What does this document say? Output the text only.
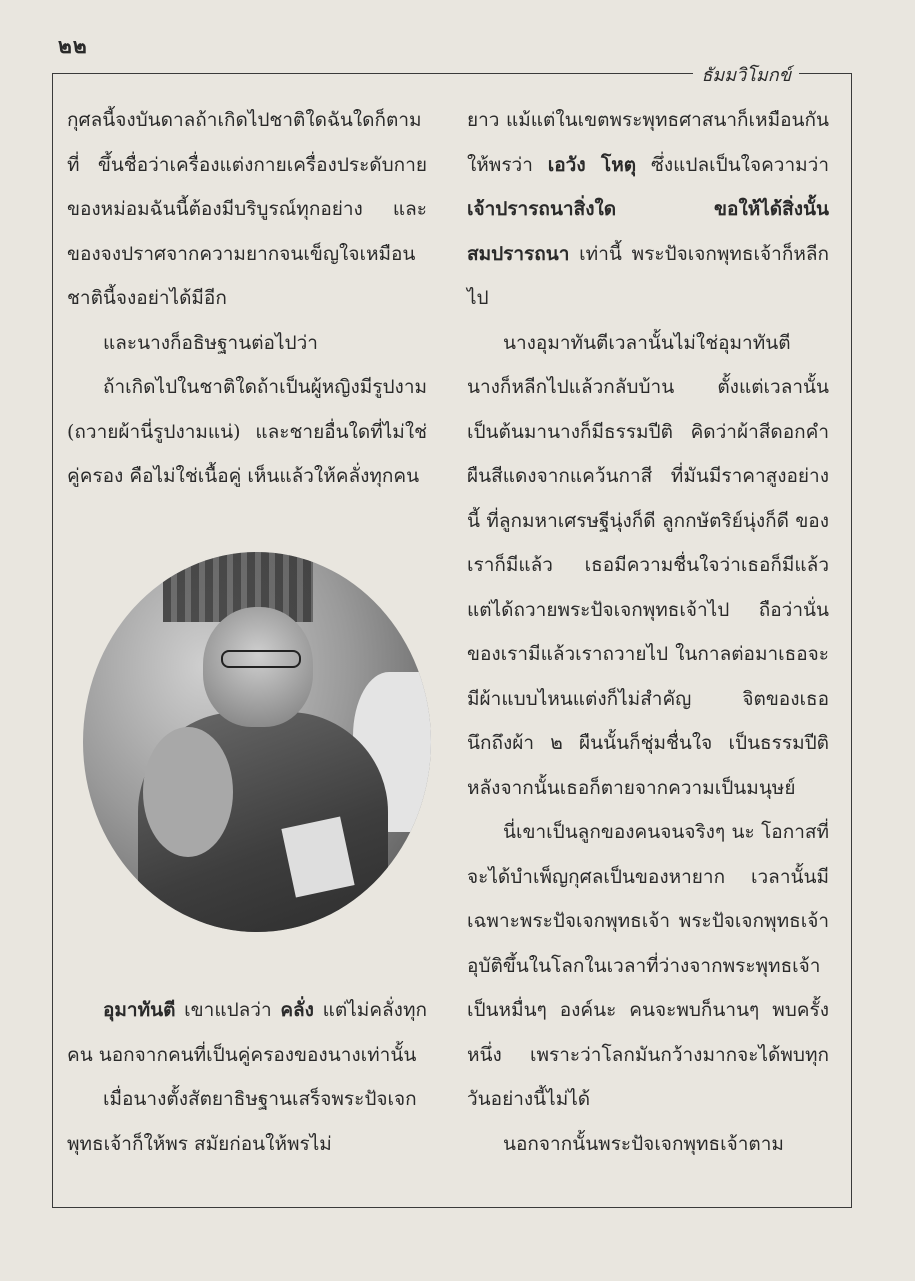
๒๒
ธัมมวิโมกข์

กุศลนี้จงบันดาลถ้าเกิดไปชาติใดฉันใดก็ตาม ที่ ขึ้นชื่อว่าเครื่องแต่งกายเครื่องประดับกายของหม่อมฉันนี้ต้องมีบริบูรณ์ทุกอย่าง และของจงปราศจากความยากจนเข็ญใจเหมือนชาตินี้จงอย่าได้มีอีก

และนางก็อธิษฐานต่อไปว่า

ถ้าเกิดไปในชาติใดถ้าเป็นผู้หญิงมีรูปงาม (ถวายผ้านี่รูปงามแน่) และชายอื่นใดที่ไม่ใช่คู่ครอง คือไม่ใช่เนื้อคู่ เห็นแล้วให้คลั่งทุกคน

อุมาทันตี เขาแปลว่า คลั่ง แต่ไม่คลั่งทุกคน นอกจากคนที่เป็นคู่ครองของนางเท่านั้น

เมื่อนางตั้งสัตยาธิษฐานเสร็จพระปัจเจกพุทธเจ้าก็ให้พร สมัยก่อนให้พรไม่

ยาว แม้แต่ในเขตพระพุทธศาสนาก็เหมือนกัน ให้พรว่า เอวัง โหตุ ซึ่งแปลเป็นใจความว่า เจ้าปรารถนาสิ่งใด ขอให้ได้สิ่งนั้นสมปรารถนา เท่านี้ พระปัจเจกพุทธเจ้าก็หลีกไป

นางอุมาทันตีเวลานั้นไม่ใช่อุมาทันตี นางก็หลีกไปแล้วกลับบ้าน ตั้งแต่เวลานั้นเป็นต้นมานางก็มีธรรมปีติ คิดว่าผ้าสีดอกคำผืนสีแดงจากแคว้นกาสี ที่มันมีราคาสูงอย่างนี้ ที่ลูกมหาเศรษฐีนุ่งก็ดี ลูกกษัตริย์นุ่งก็ดี ของเราก็มีแล้ว เธอมีความชื่นใจว่าเธอก็มีแล้ว แต่ได้ถวายพระปัจเจกพุทธเจ้าไป ถือว่านั่นของเรามีแล้วเราถวายไป ในกาลต่อมาเธอจะมีผ้าแบบไหนแต่งก็ไม่สำคัญ จิตของเธอนึกถึงผ้า ๒ ผืนนั้นก็ชุ่มชื่นใจ เป็นธรรมปีติ หลังจากนั้นเธอก็ตายจากความเป็นมนุษย์

นี่เขาเป็นลูกของคนจนจริงๆ นะ โอกาสที่จะได้บำเพ็ญกุศลเป็นของหายาก เวลานั้นมีเฉพาะพระปัจเจกพุทธเจ้า พระปัจเจกพุทธเจ้าอุบัติขึ้นในโลกในเวลาที่ว่างจากพระพุทธเจ้าเป็นหมื่นๆ องค์นะ คนจะพบก็นานๆ พบครั้งหนึ่ง เพราะว่าโลกมันกว้างมากจะได้พบทุกวันอย่างนี้ไม่ได้

นอกจากนั้นพระปัจเจกพุทธเจ้าตาม
